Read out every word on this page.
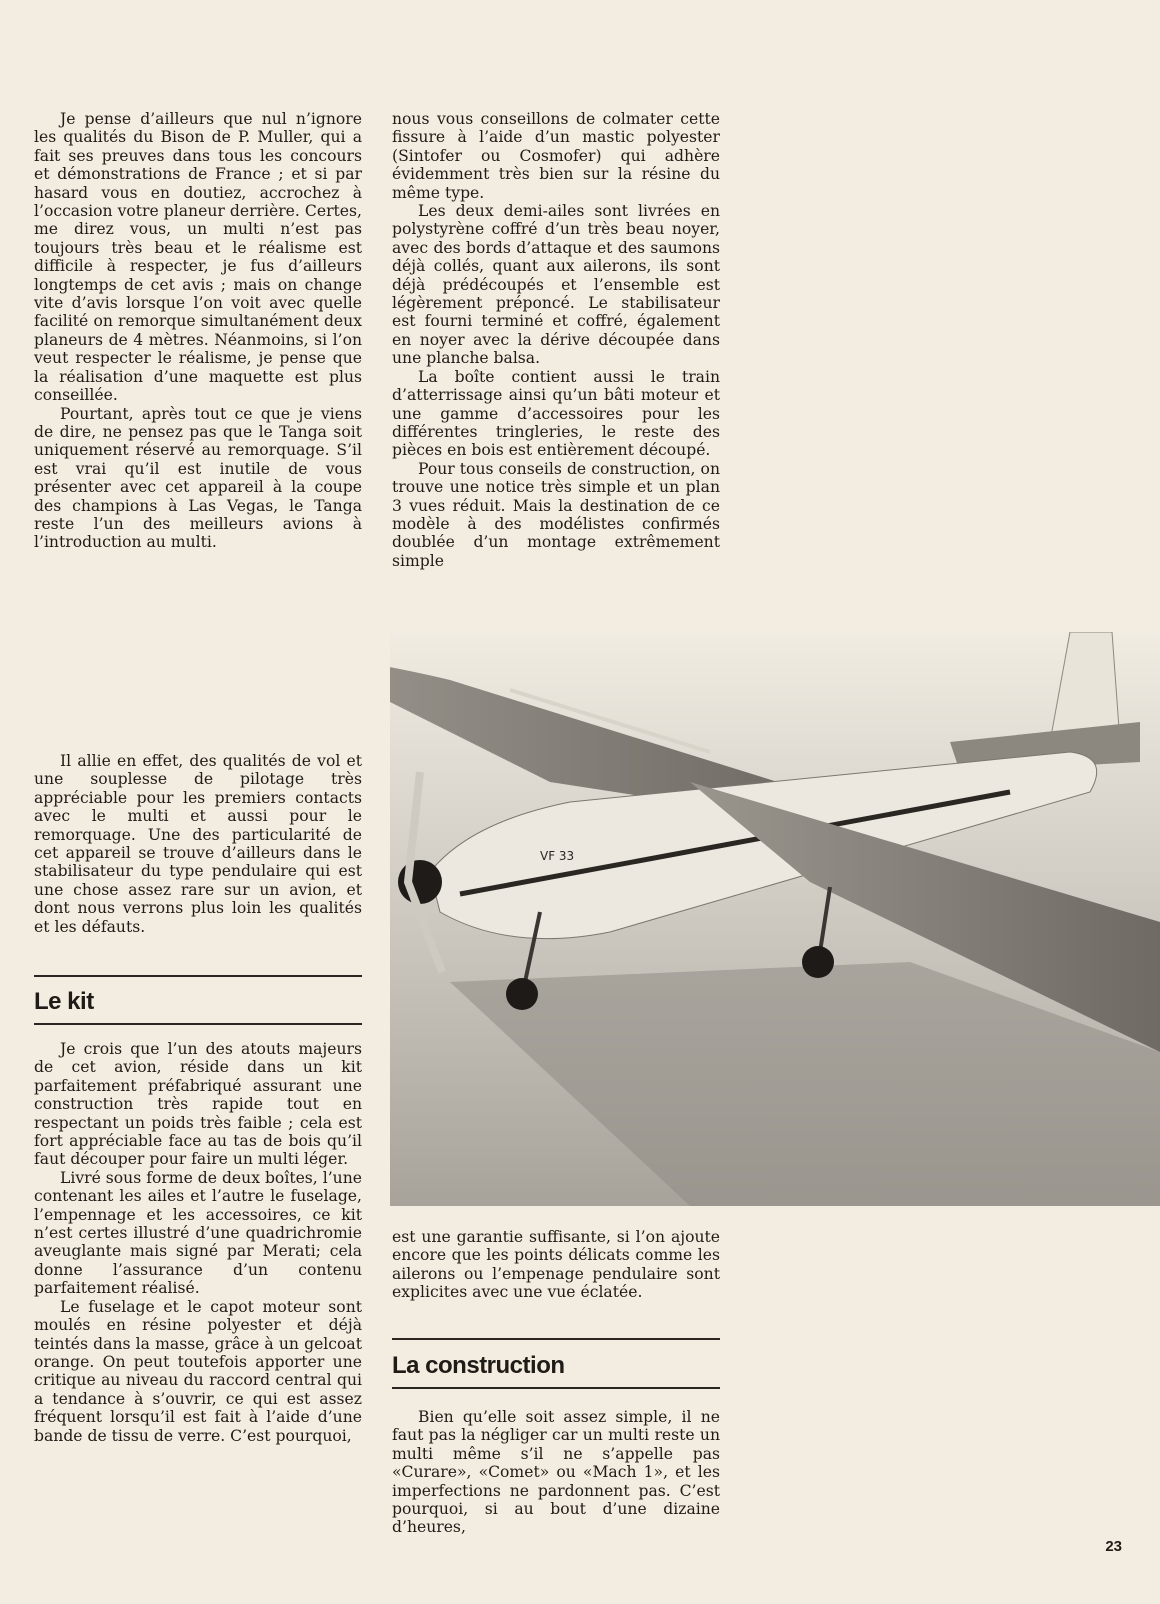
Je pense d’ailleurs que nul n’ignore les qualités du Bison de P. Muller, qui a fait ses preuves dans tous les concours et démonstrations de France ; et si par hasard vous en doutiez, accrochez à l’occasion votre planeur derrière. Certes, me direz vous, un multi n’est pas toujours très beau et le réalisme est difficile à respecter, je fus d’ailleurs longtemps de cet avis ; mais on change vite d’avis lorsque l’on voit avec quelle facilité on remorque simultanément deux planeurs de 4 mètres. Néanmoins, si l’on veut respecter le réalisme, je pense que la réalisation d’une maquette est plus conseillée.

Pourtant, après tout ce que je viens de dire, ne pensez pas que le Tanga soit uniquement réservé au remorquage. S’il est vrai qu’il est inutile de vous présenter avec cet appareil à la coupe des champions à Las Vegas, le Tanga reste l’un des meilleurs avions à l’introduction au multi.

nous vous conseillons de colmater cette fissure à l’aide d’un mastic polyester (Sintofer ou Cosmofer) qui adhère évidemment très bien sur la résine du même type.

Les deux demi-ailes sont livrées en polystyrène coffré d’un très beau noyer, avec des bords d’attaque et des saumons déjà collés, quant aux ailerons, ils sont déjà prédécoupés et l’ensemble est légèrement préponcé. Le stabilisateur est fourni terminé et coffré, également en noyer avec la dérive découpée dans une planche balsa.

La boîte contient aussi le train d’atterrissage ainsi qu’un bâti moteur et une gamme d’accessoires pour les différentes tringleries, le reste des pièces en bois est entièrement découpé.

Pour tous conseils de construction, on trouve une notice très simple et un plan 3 vues réduit. Mais la destination de ce modèle à des modélistes confirmés doublée d’un montage extrêmement simple

Il allie en effet, des qualités de vol et une souplesse de pilotage très appréciable pour les premiers contacts avec le multi et aussi pour le remorquage. Une des particularité de cet appareil se trouve d’ailleurs dans le stabilisateur du type pendulaire qui est une chose assez rare sur un avion, et dont nous verrons plus loin les qualités et les défauts.

Le kit

Je crois que l’un des atouts majeurs de cet avion, réside dans un kit parfaitement préfabriqué assurant une construction très rapide tout en respectant un poids très faible ; cela est fort appréciable face au tas de bois qu’il faut découper pour faire un multi léger.

Livré sous forme de deux boîtes, l’une contenant les ailes et l’autre le fuselage, l’empennage et les accessoires, ce kit n’est certes illustré d’une quadrichromie aveuglante mais signé par Merati; cela donne l’assurance d’un contenu parfaitement réalisé.

Le fuselage et le capot moteur sont moulés en résine polyester et déjà teintés dans la masse, grâce à un gelcoat orange. On peut toutefois apporter une critique au niveau du raccord central qui a tendance à s’ouvrir, ce qui est assez fréquent lorsqu’il est fait à l’aide d’une bande de tissu de verre. C’est pourquoi,

VF 33

est une garantie suffisante, si l’on ajoute encore que les points délicats comme les ailerons ou l’empenage pendulaire sont explicites avec une vue éclatée.

La construction

Bien qu’elle soit assez simple, il ne faut pas la négliger car un multi reste un multi même s’il ne s’appelle pas «Curare», «Comet» ou «Mach 1», et les imperfections ne pardonnent pas. C’est pourquoi, si au bout d’une dizaine d’heures,

23
